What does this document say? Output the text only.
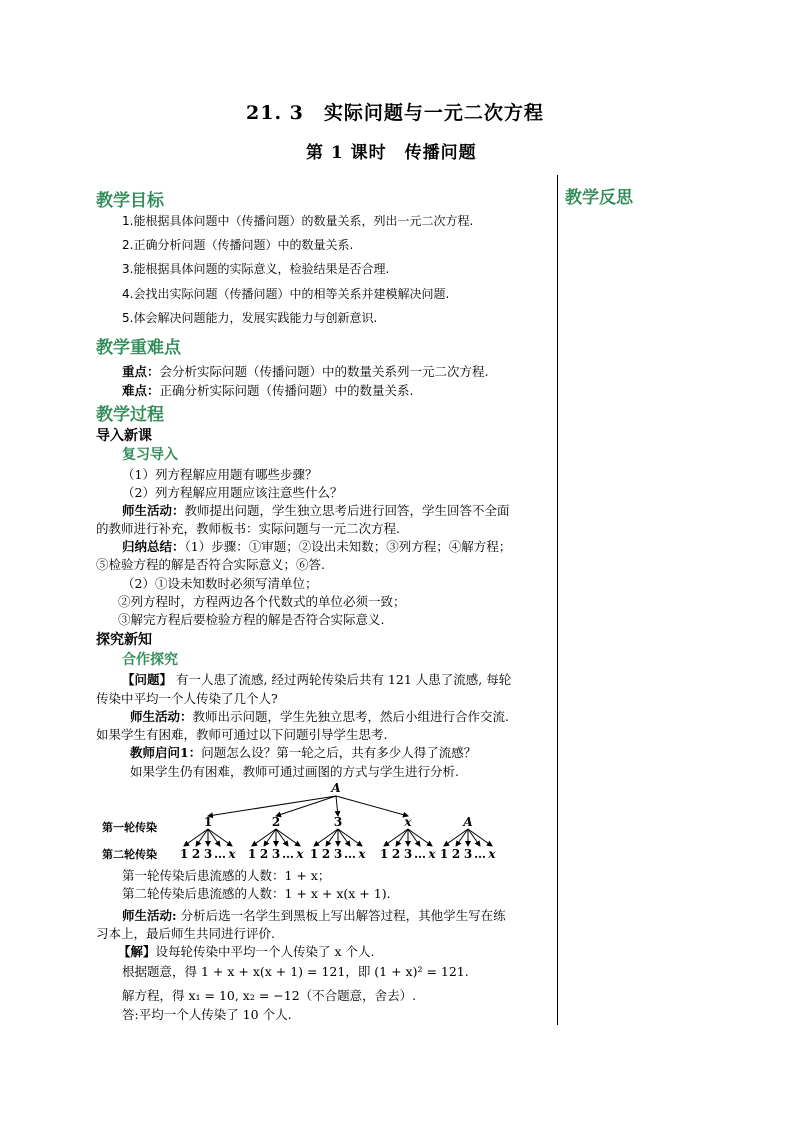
21. 3　实际问题与一元二次方程
第 1 课时　传播问题
教学反思
教学目标
1.能根据具体问题中（传播问题）的数量关系，列出一元二次方程.
2.正确分析问题（传播问题）中的数量关系.
3.能根据具体问题的实际意义，检验结果是否合理.
4.会找出实际问题（传播问题）中的相等关系并建模解决问题.
5.体会解决问题能力，发展实践能力与创新意识.
教学重难点
重点：会分析实际问题（传播问题）中的数量关系列一元二次方程.
难点：正确分析实际问题（传播问题）中的数量关系.
教学过程
导入新课
复习导入
（1）列方程解应用题有哪些步骤？
（2）列方程解应用题应该注意些什么？
师生活动：教师提出问题，学生独立思考后进行回答，学生回答不全面
的教师进行补充，教师板书：实际问题与一元二次方程.
归纳总结：（1）步骤：①审题；②设出未知数；③列方程；④解方程；
⑤检验方程的解是否符合实际意义；⑥答.
（2）①设未知数时必须写清单位；
②列方程时，方程两边各个代数式的单位必须一致；
③解完方程后要检验方程的解是否符合实际意义.
探究新知
合作探究
【问题】 有一人患了流感, 经过两轮传染后共有 121 人患了流感, 每轮
传染中平均一个人传染了几个人?
师生活动：教师出示问题，学生先独立思考，然后小组进行合作交流.
如果学生有困难，教师可通过以下问题引导学生思考.
教师启问1：问题怎么设？第一轮之后，共有多少人得了流感？
如果学生仍有困难，教师可通过画图的方式与学生进行分析.
A
第一轮传染
第二轮传染
1
1 2 3 … x
2
1 2 3 … x
3
1 2 3 … x
x
1 2 3 … x
A
1 2 3 … x
第一轮传染后患流感的人数：1 + x；
第二轮传染后患流感的人数：1 + x + x(x + 1).
师生活动: 分析后选一名学生到黑板上写出解答过程，其他学生写在练
习本上，最后师生共同进行评价.
【解】设每轮传染中平均一个人传染了 x 个人.
根据题意，得 1 + x + x(x + 1) = 121，即 (1 + x)² = 121.
解方程，得 x₁ = 10, x₂ = −12（不合题意，舍去）.
答:平均一个人传染了 10 个人.
